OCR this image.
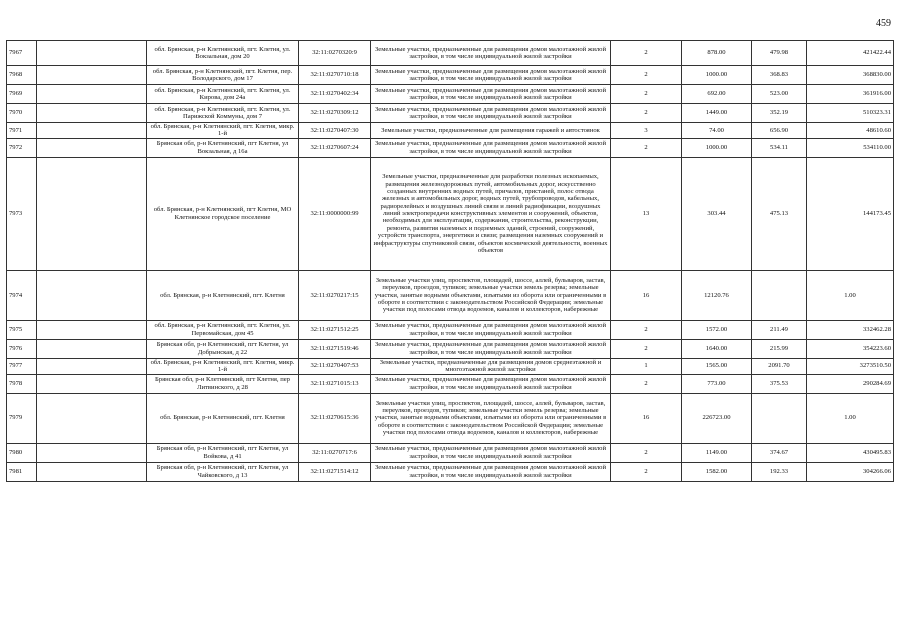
459
7967		обл. Брянская, р-н Клетнянский, пгт. Клетня, ул. Вокзальная, дом 20	32:11:0270320:9	Земельные участки, предназначенные для размещения домов малоэтажной жилой застройки, в том числе индивидуальной жилой застройки	2	878.00	479.98	421422.44
7968		обл. Брянская, р-н Клетнянский, пгт. Клетня, пер. Володарского, дом 17	32:11:0270710:18	Земельные участки, предназначенные для размещения домов малоэтажной жилой застройки, в том числе индивидуальной жилой застройки	2	1000.00	368.83	368830.00
7969		обл. Брянская, р-н Клетнянский, пгт. Клетня, ул. Кирова, дом 24а	32:11:0270402:34	Земельные участки, предназначенные для размещения домов малоэтажной жилой застройки, в том числе индивидуальной жилой застройки	2	692.00	523.00	361916.00
7970		обл. Брянская, р-н Клетнянский, пгт. Клетня, ул. Парижской Коммуны, дом 7	32:11:0270309:12	Земельные участки, предназначенные для размещения домов малоэтажной жилой застройки, в том числе индивидуальной жилой застройки	2	1449.00	352.19	510323.31
7971		обл. Брянская, р-н Клетнянский, пгт. Клетня, микр. 1-й	32:11:0270407:30	Земельные участки, предназначенные для размещения гаражей и автостоянок	3	74.00	656.90	48610.60
7972		Брянская обл, р-н Клетнянский, пгт Клетня, ул Вокзальная, д 16а	32:11:0270607:24	Земельные участки, предназначенные для размещения домов малоэтажной жилой застройки, в том числе индивидуальной жилой застройки	2	1000.00	534.11	534110.00
7973		обл. Брянская, р-н Клетнянский, пгт Клетня, МО Клетнянское городское поселение	32:11:0000000:99	Земельные участки, предназначенные для разработки полезных ископаемых, размещения железнодорожных путей, автомобильных дорог, искусственно созданных внутренних водных путей, причалов, пристаней, полос отвода железных и автомобильных дорог, водных путей, трубопроводов, кабельных, радиорелейных и воздушных линий связи и линий радиофикации, воздушных линий электропередачи конструктивных элементов и сооружений, объектов, необходимых для эксплуатации, содержания, строительства, реконструкции, ремонта, развития наземных и подземных зданий, строений, сооружений, устройств транспорта, энергетики и связи; размещения наземных сооружений и инфраструктуры спутниковой связи, объектов космической деятельности, военных объектов	13	303.44	475.13	144173.45
7974		обл. Брянская, р-н Клетнянский, пгт. Клетня	32:11:0270217:15	Земельные участки улиц, проспектов, площадей, шоссе, аллей, бульваров, застав, переулков, проездов, тупиков; земельные участки земель резерва; земельные участки, занятые водными объектами, изъятыми из оборота или ограниченными в обороте в соответствии с законодательством Российской Федерации; земельные участки под полосами отвода водоемов, каналов и коллекторов, набережные	16	12120.76		1.00
7975		обл. Брянская, р-н Клетнянский, пгт. Клетня, ул. Первомайская, дом 45	32:11:0271512:25	Земельные участки, предназначенные для размещения домов малоэтажной жилой застройки, в том числе индивидуальной жилой застройки	2	1572.00	211.49	332462.28
7976		Брянская обл, р-н Клетнянский, пгт Клетня, ул Добрынская, д 22	32:11:0271519:46	Земельные участки, предназначенные для размещения домов малоэтажной жилой застройки, в том числе индивидуальной жилой застройки	2	1640.00	215.99	354223.60
7977		обл. Брянская, р-н Клетнянский, пгт. Клетня, микр. 1-й	32:11:0270407:53	Земельные участки, предназначенные для размещения домов среднеэтажной и многоэтажной жилой застройки	1	1565.00	2091.70	3273510.50
7978		Брянская обл, р-н Клетнянский, пгт Клетня, пер Литвинского, д 28	32:11:0271015:13	Земельные участки, предназначенные для размещения домов малоэтажной жилой застройки, в том числе индивидуальной жилой застройки	2	773.00	375.53	290284.69
7979		обл. Брянская, р-н Клетнянский, пгт. Клетня	32:11:0270615:36	Земельные участки улиц, проспектов, площадей, шоссе, аллей, бульваров, застав, переулков, проездов, тупиков; земельные участки земель резерва; земельные участки, занятые водными объектами, изъятыми из оборота или ограниченными в обороте в соответствии с законодательством Российской Федерации; земельные участки под полосами отвода водоемов, каналов и коллекторов, набережные	16	226723.00		1.00
7980		Брянская обл, р-н Клетнянский, пгт Клетня, ул Войкова, д 41	32:11:0270717:6	Земельные участки, предназначенные для размещения домов малоэтажной жилой застройки, в том числе индивидуальной жилой застройки	2	1149.00	374.67	430495.83
7981		Брянская обл, р-н Клетнянский, пгт Клетня, ул Чайковского, д 13	32:11:0271514:12	Земельные участки, предназначенные для размещения домов малоэтажной жилой застройки, в том числе индивидуальной жилой застройки	2	1582.00	192.33	304266.06
